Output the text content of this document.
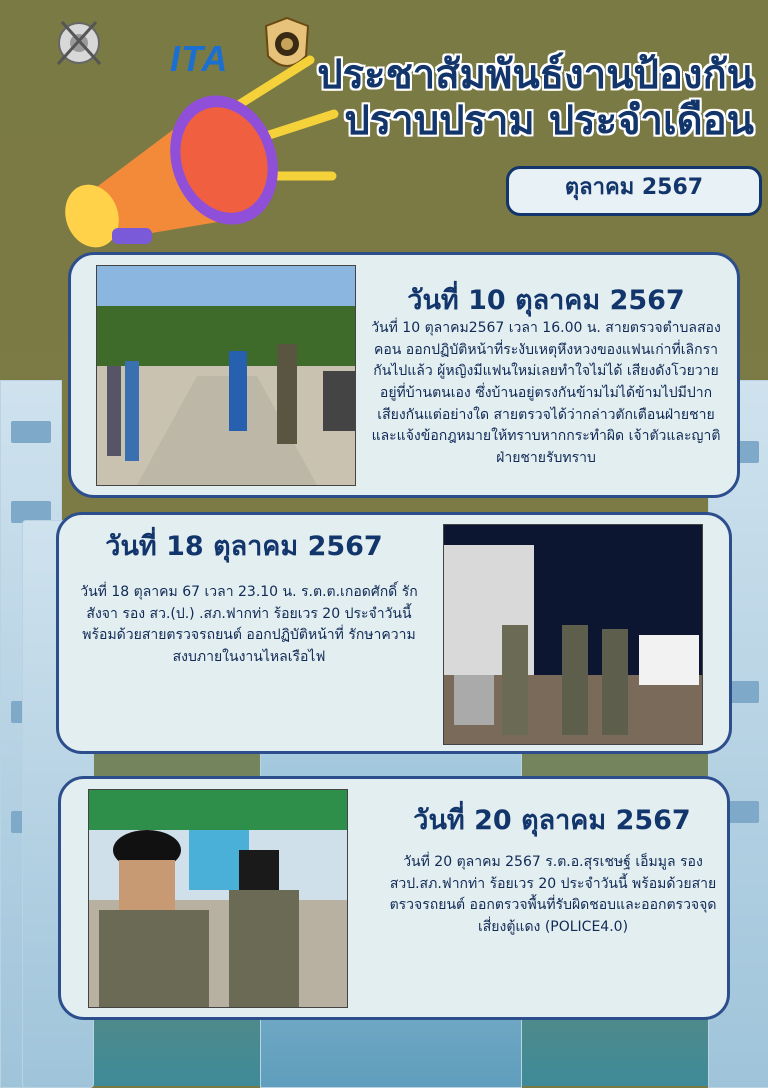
ITA	ประชาสัมพันธ์งานป้องกัน
ปราบปราม ประจำเดือน
ตุลาคม 2567
วันที่ 10 ตุลาคม 2567
วันที่ 10 ตุลาคม2567 เวลา 16.00 น. สายตรวจตำบลสองคอน ออกปฏิบัติหน้าที่ระงับเหตุหึงหวงของแฟนเก่าที่เลิกรากันไปแล้ว ผู้หญิงมีแฟนใหม่เลยทำใจไม่ได้ เสียงดังโวยวายอยู่ที่บ้านตนเอง ซึ่งบ้านอยู่ตรงกันข้ามไม่ได้ข้ามไปมีปากเสียงกันแต่อย่างใด สายตรวจได้ว่ากล่าวตักเตือนฝ่ายชาย และแจ้งข้อกฎหมายให้ทราบหากกระทำผิด เจ้าตัวและญาติฝ่ายชายรับทราบ
วันที่ 18 ตุลาคม 2567
วันที่ 18 ตุลาคม 67 เวลา 23.10 น. ร.ต.ต.เกอดศักดิ์ รักสังจา รอง สว.(ป.) .สภ.ฟากท่า ร้อยเวร 20 ประจำวันนี้ พร้อมด้วยสายตรวจรถยนต์ ออกปฏิบัติหน้าที่ รักษาความสงบภายในงานไหลเรือไฟ
วันที่ 20 ตุลาคม 2567
วันที่ 20 ตุลาคม 2567 ร.ต.อ.สุรเชษฐ์ เอ็มมูล รอง สวป.สภ.ฟากท่า ร้อยเวร 20 ประจำวันนี้ พร้อมด้วยสายตรวจรถยนต์ ออกตรวจพื้นที่รับผิดชอบและออกตรวจจุดเสี่ยงตู้แดง (POLICE4.0)
